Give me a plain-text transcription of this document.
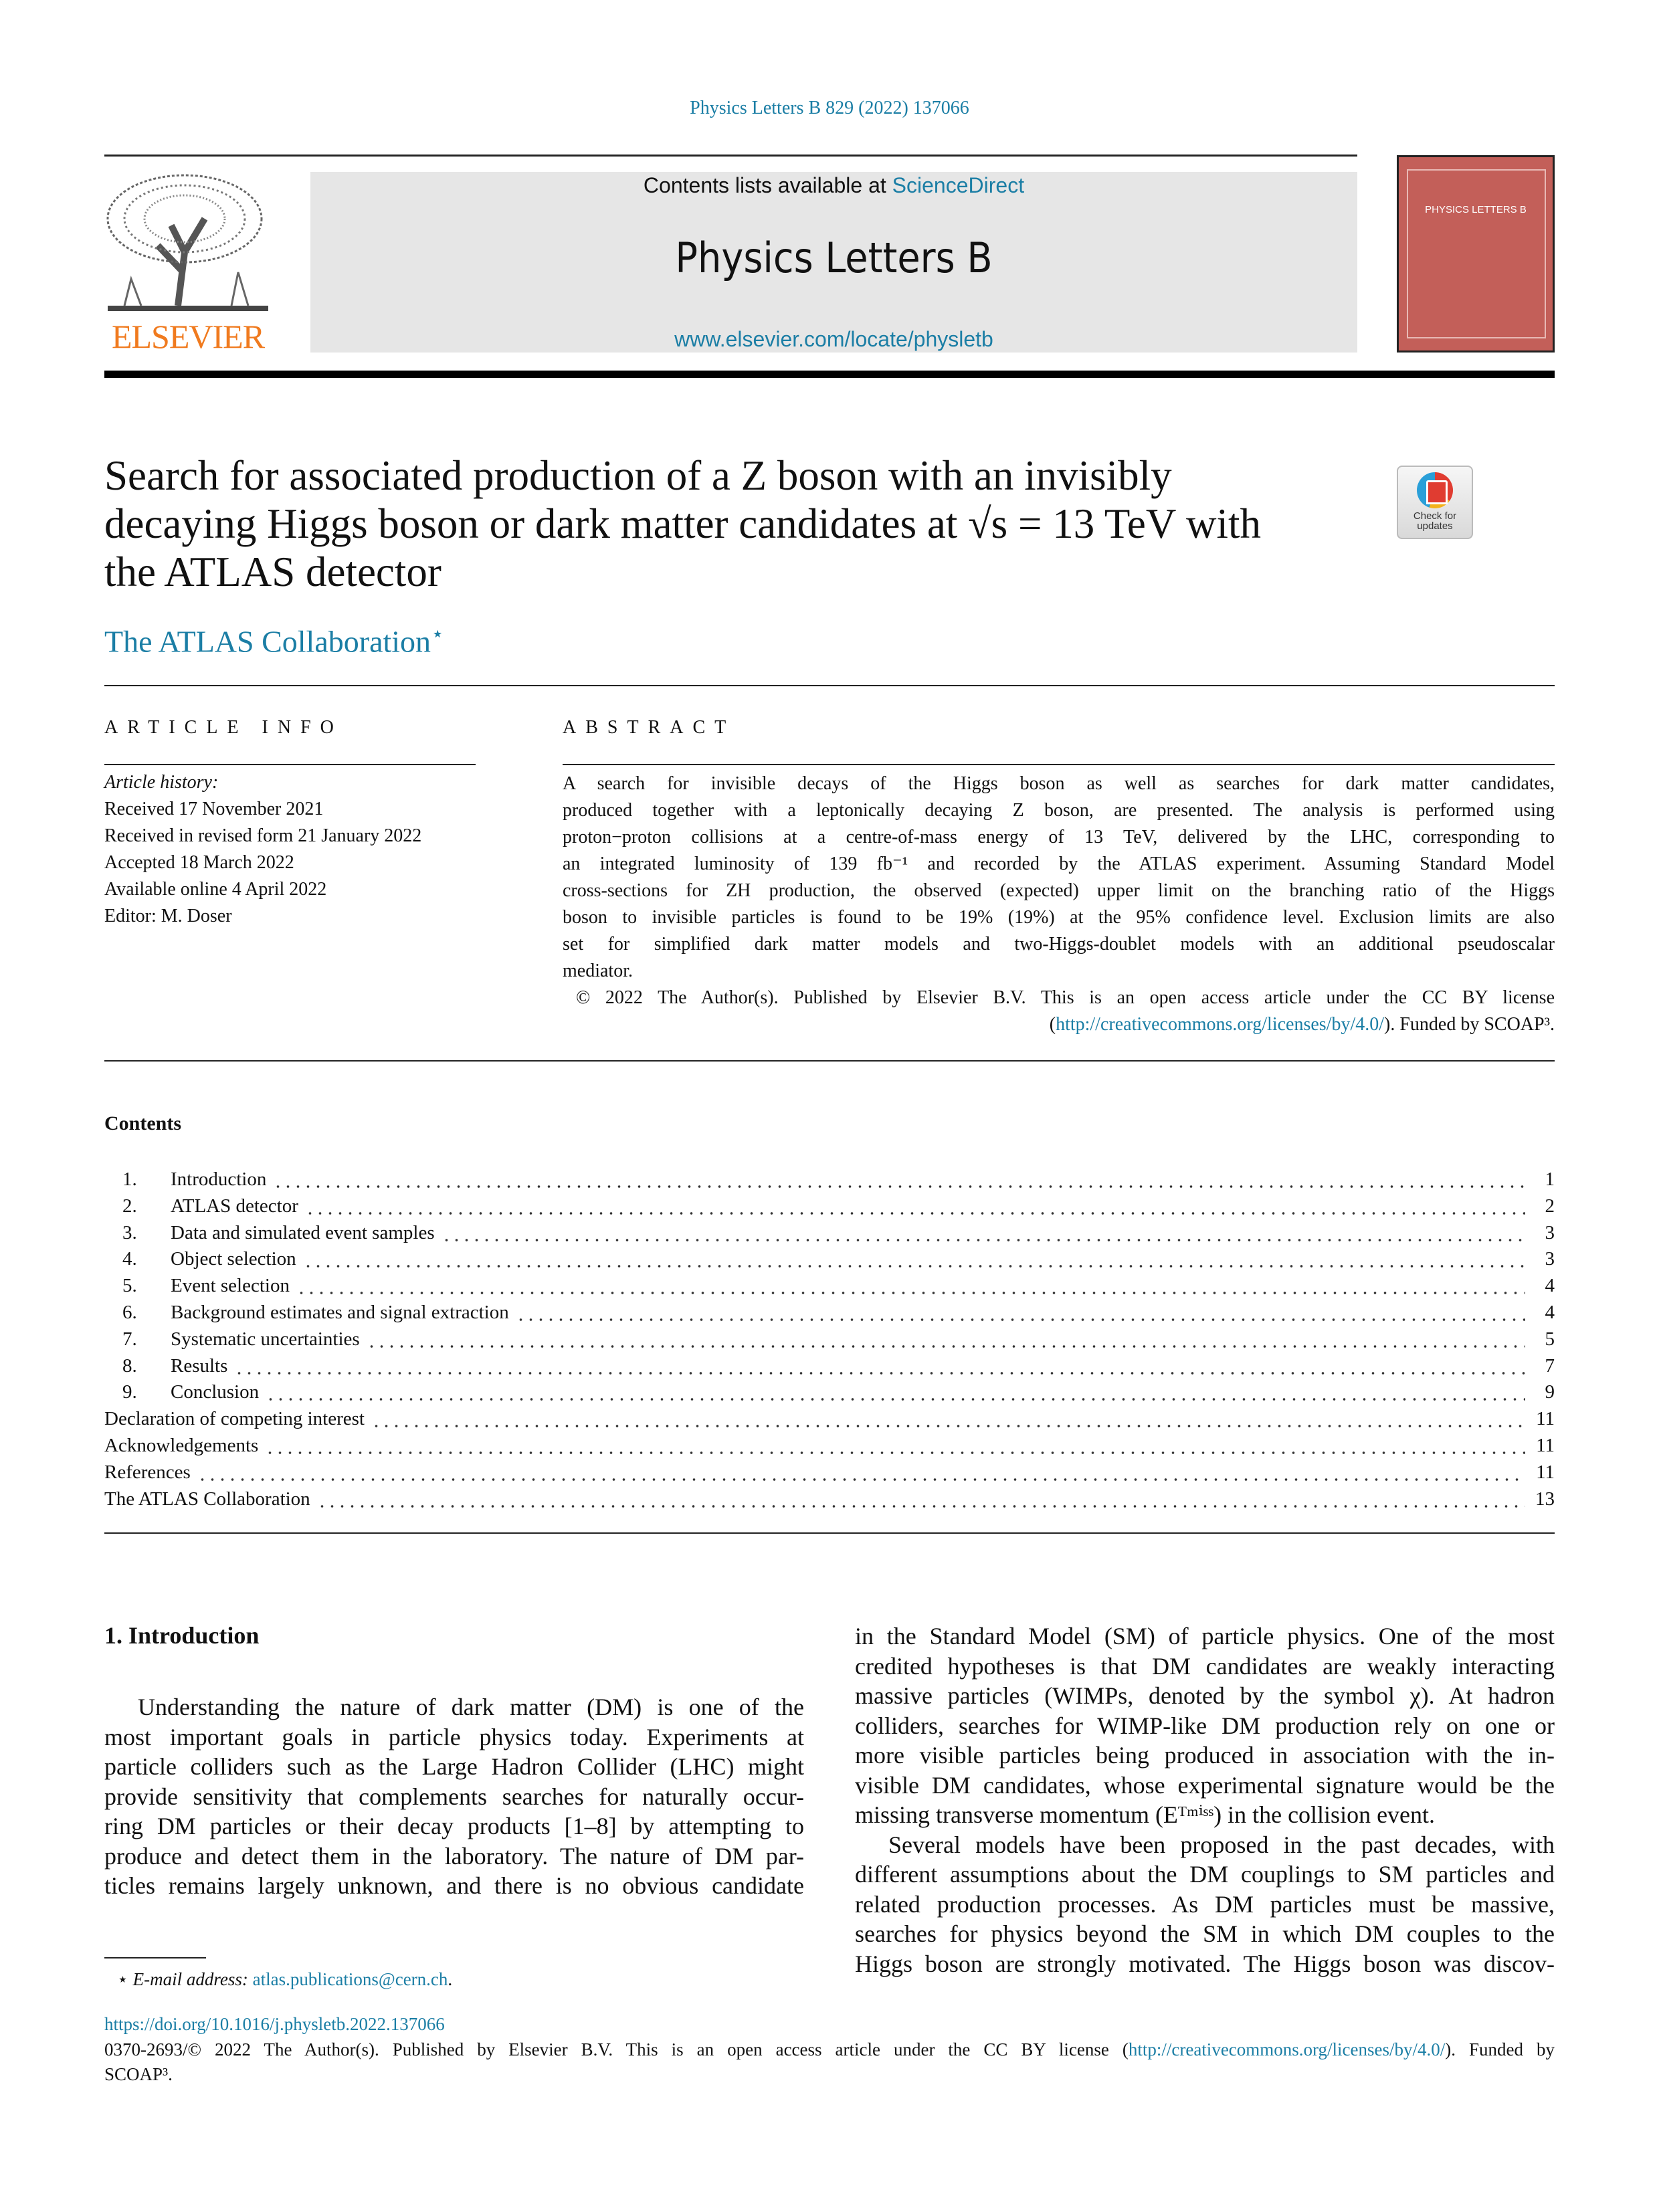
Physics Letters B 829 (2022) 137066
ELSEVIER
Contents lists available at ScienceDirect
Physics Letters B
www.elsevier.com/locate/physletb
PHYSICS LETTERS B
Search for associated production of a Z boson with an invisibly
decaying Higgs boson or dark matter candidates at √s = 13 TeV with
the ATLAS detector
Check for updates
The ATLAS Collaboration⋆
ARTICLE INFO	ABSTRACT
Article history:
Received 17 November 2021
Received in revised form 21 January 2022
Accepted 18 March 2022
Available online 4 April 2022
Editor: M. Doser
A search for invisible decays of the Higgs boson as well as searches for dark matter candidates,
produced together with a leptonically decaying Z boson, are presented. The analysis is performed using
proton−proton collisions at a centre-of-mass energy of 13 TeV, delivered by the LHC, corresponding to
an integrated luminosity of 139 fb⁻¹ and recorded by the ATLAS experiment. Assuming Standard Model
cross-sections for ZH production, the observed (expected) upper limit on the branching ratio of the Higgs
boson to invisible particles is found to be 19% (19%) at the 95% confidence level. Exclusion limits are also
set for simplified dark matter models and two-Higgs-doublet models with an additional pseudoscalar
mediator.
© 2022 The Author(s). Published by Elsevier B.V. This is an open access article under the CC BY license
(http://creativecommons.org/licenses/by/4.0/). Funded by SCOAP³.
Contents
1.	Introduction	1
2.	ATLAS detector	2
3.	Data and simulated event samples	3
4.	Object selection	3
5.	Event selection	4
6.	Background estimates and signal extraction	4
7.	Systematic uncertainties	5
8.	Results	7
9.	Conclusion	9
Declaration of competing interest	11
Acknowledgements	11
References	11
The ATLAS Collaboration	13
1. Introduction
Understanding the nature of dark matter (DM) is one of the
most important goals in particle physics today. Experiments at
particle colliders such as the Large Hadron Collider (LHC) might
provide sensitivity that complements searches for naturally occur-
ring DM particles or their decay products [1–8] by attempting to
produce and detect them in the laboratory. The nature of DM par-
ticles remains largely unknown, and there is no obvious candidate
in the Standard Model (SM) of particle physics. One of the most
credited hypotheses is that DM candidates are weakly interacting
massive particles (WIMPs, denoted by the symbol χ). At hadron
colliders, searches for WIMP-like DM production rely on one or
more visible particles being produced in association with the in-
visible DM candidates, whose experimental signature would be the
missing transverse momentum (Eᵀᵐⁱˢˢ) in the collision event.
Several models have been proposed in the past decades, with
different assumptions about the DM couplings to SM particles and
related production processes. As DM particles must be massive,
searches for physics beyond the SM in which DM couples to the
Higgs boson are strongly motivated. The Higgs boson was discov-
⋆ E-mail address: atlas.publications@cern.ch.
https://doi.org/10.1016/j.physletb.2022.137066
0370-2693/© 2022 The Author(s). Published by Elsevier B.V. This is an open access article under the CC BY license (http://creativecommons.org/licenses/by/4.0/). Funded by
SCOAP³.
